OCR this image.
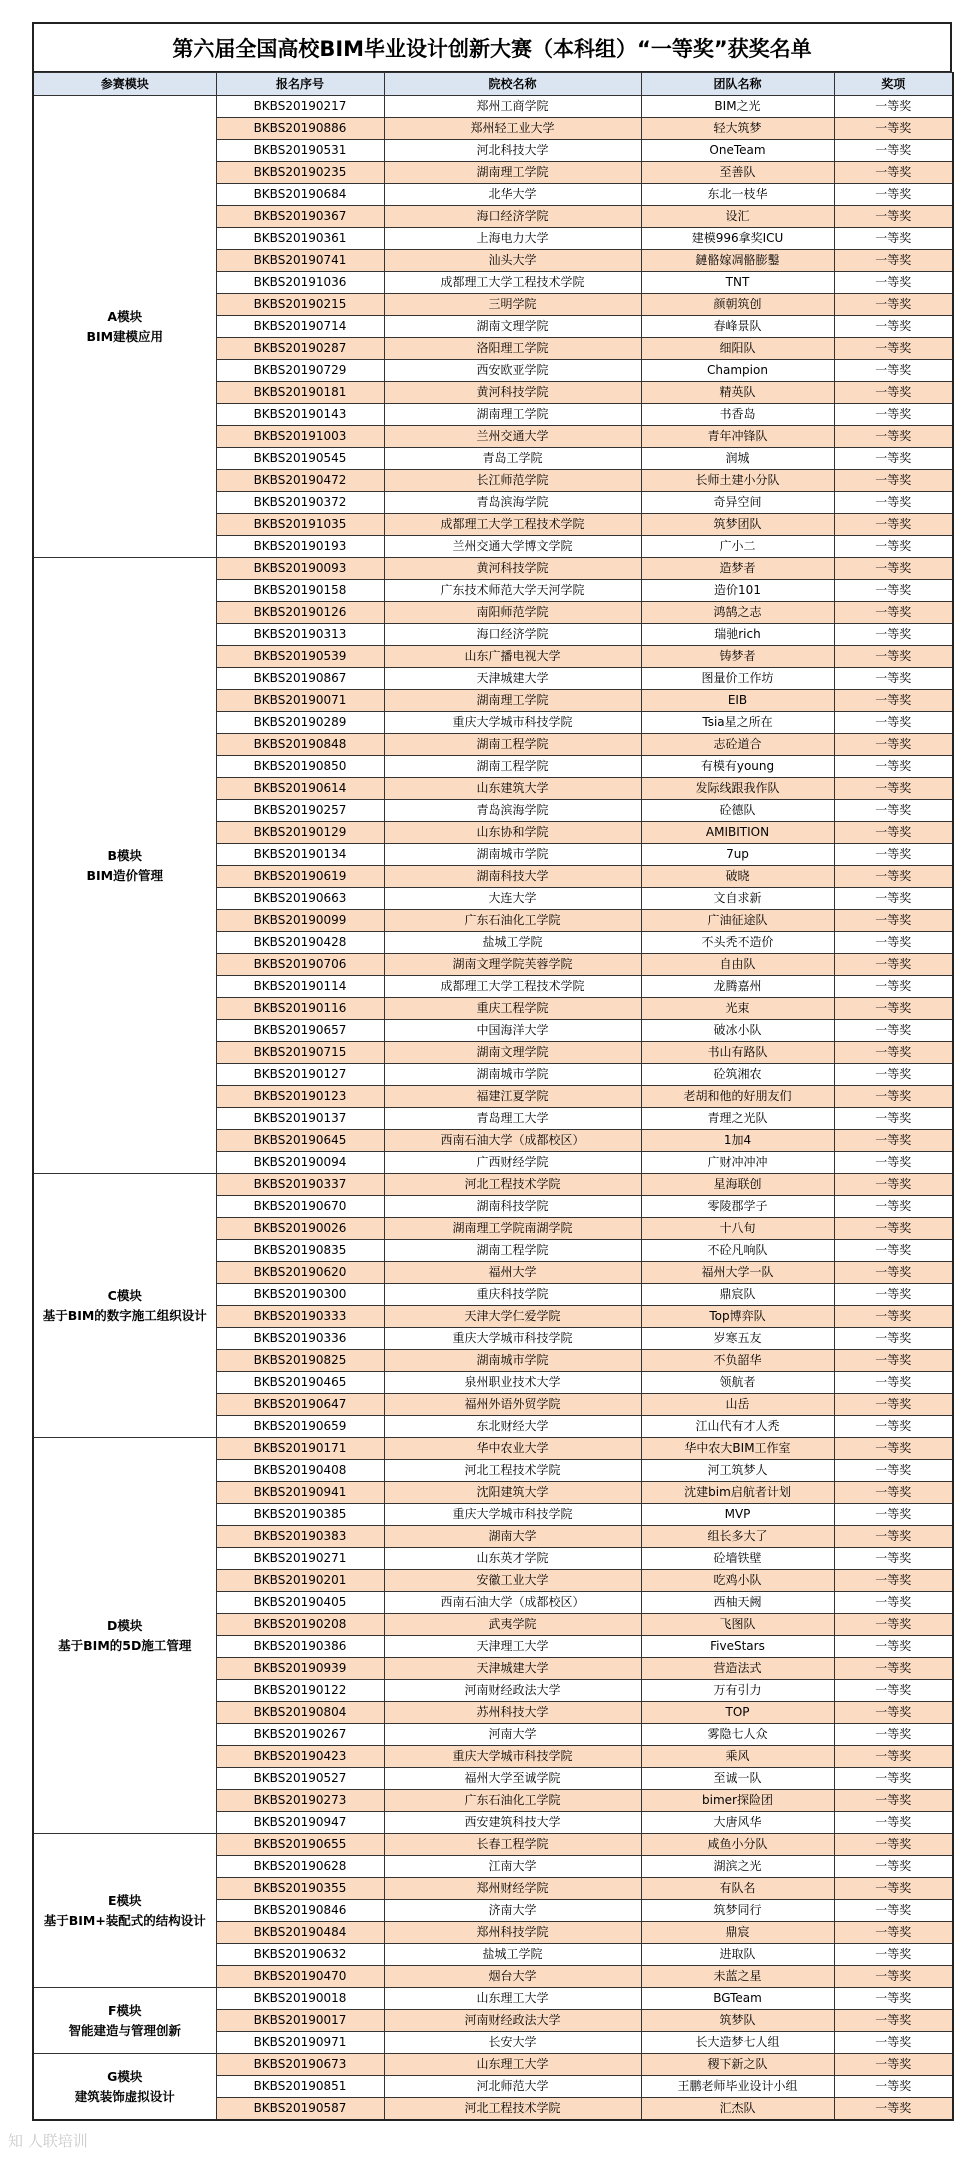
第六届全国高校BIM毕业设计创新大赛（本科组）“一等奖”获奖名单
参赛模块	报名序号	院校名称	团队名称	奖项

A模块
BIM建模应用	BKBS20190217	郑州工商学院	BIM之光	一等奖
	BKBS20190886	郑州轻工业大学	轻大筑梦	一等奖
	BKBS20190531	河北科技大学	OneTeam	一等奖
	BKBS20190235	湖南理工学院	至善队	一等奖
	BKBS20190684	北华大学	东北一枝华	一等奖
	BKBS20190367	海口经济学院	设汇	一等奖
	BKBS20190361	上海电力大学	建模996拿奖ICU	一等奖
	BKBS20190741	汕头大学	鏈骼嫁凋骼膨鑿	一等奖
	BKBS20191036	成都理工大学工程技术学院	TNT	一等奖
	BKBS20190215	三明学院	颜朝筑创	一等奖
	BKBS20190714	湖南文理学院	春峰景队	一等奖
	BKBS20190287	洛阳理工学院	细阳队	一等奖
	BKBS20190729	西安欧亚学院	Champion	一等奖
	BKBS20190181	黄河科技学院	精英队	一等奖
	BKBS20190143	湖南理工学院	书香岛	一等奖
	BKBS20191003	兰州交通大学	青年冲锋队	一等奖
	BKBS20190545	青岛工学院	润城	一等奖
	BKBS20190472	长江师范学院	长师土建小分队	一等奖
	BKBS20190372	青岛滨海学院	奇异空间	一等奖
	BKBS20191035	成都理工大学工程技术学院	筑梦团队	一等奖
	BKBS20190193	兰州交通大学博文学院	广小二	一等奖

B模块
BIM造价管理	BKBS20190093	黄河科技学院	造梦者	一等奖
	BKBS20190158	广东技术师范大学天河学院	造价101	一等奖
	BKBS20190126	南阳师范学院	鸿鹄之志	一等奖
	BKBS20190313	海口经济学院	瑞驰rich	一等奖
	BKBS20190539	山东广播电视大学	铸梦者	一等奖
	BKBS20190867	天津城建大学	图量价工作坊	一等奖
	BKBS20190071	湖南理工学院	EIB	一等奖
	BKBS20190289	重庆大学城市科技学院	Tsia星之所在	一等奖
	BKBS20190848	湖南工程学院	志砼道合	一等奖
	BKBS20190850	湖南工程学院	有模有young	一等奖
	BKBS20190614	山东建筑大学	发际线跟我作队	一等奖
	BKBS20190257	青岛滨海学院	砼德队	一等奖
	BKBS20190129	山东协和学院	AMIBITION	一等奖
	BKBS20190134	湖南城市学院	7up	一等奖
	BKBS20190619	湖南科技大学	破晓	一等奖
	BKBS20190663	大连大学	文自求新	一等奖
	BKBS20190099	广东石油化工学院	广油征途队	一等奖
	BKBS20190428	盐城工学院	不头秃不造价	一等奖
	BKBS20190706	湖南文理学院芙蓉学院	自由队	一等奖
	BKBS20190114	成都理工大学工程技术学院	龙腾嘉州	一等奖
	BKBS20190116	重庆工程学院	光束	一等奖
	BKBS20190657	中国海洋大学	破冰小队	一等奖
	BKBS20190715	湖南文理学院	书山有路队	一等奖
	BKBS20190127	湖南城市学院	砼筑湘农	一等奖
	BKBS20190123	福建江夏学院	老胡和他的好朋友们	一等奖
	BKBS20190137	青岛理工大学	青理之光队	一等奖
	BKBS20190645	西南石油大学（成都校区）	1加4	一等奖
	BKBS20190094	广西财经学院	广财冲冲冲	一等奖

C模块
基于BIM的数字施工组织设计	BKBS20190337	河北工程技术学院	星海联创	一等奖
	BKBS20190670	湖南科技学院	零陵郡学子	一等奖
	BKBS20190026	湖南理工学院南湖学院	十八旬	一等奖
	BKBS20190835	湖南工程学院	不砼凡响队	一等奖
	BKBS20190620	福州大学	福州大学一队	一等奖
	BKBS20190300	重庆科技学院	鼎宸队	一等奖
	BKBS20190333	天津大学仁爱学院	Top博弈队	一等奖
	BKBS20190336	重庆大学城市科技学院	岁寒五友	一等奖
	BKBS20190825	湖南城市学院	不负韶华	一等奖
	BKBS20190465	泉州职业技术大学	领航者	一等奖
	BKBS20190647	福州外语外贸学院	山岳	一等奖
	BKBS20190659	东北财经大学	江山代有才人秃	一等奖

D模块
基于BIM的5D施工管理	BKBS20190171	华中农业大学	华中农大BIM工作室	一等奖
	BKBS20190408	河北工程技术学院	河工筑梦人	一等奖
	BKBS20190941	沈阳建筑大学	沈建bim启航者计划	一等奖
	BKBS20190385	重庆大学城市科技学院	MVP	一等奖
	BKBS20190383	湖南大学	组长多大了	一等奖
	BKBS20190271	山东英才学院	砼墙铁壁	一等奖
	BKBS20190201	安徽工业大学	吃鸡小队	一等奖
	BKBS20190405	西南石油大学（成都校区）	西柚天阙	一等奖
	BKBS20190208	武夷学院	飞图队	一等奖
	BKBS20190386	天津理工大学	FiveStars	一等奖
	BKBS20190939	天津城建大学	营造法式	一等奖
	BKBS20190122	河南财经政法大学	万有引力	一等奖
	BKBS20190804	苏州科技大学	TOP	一等奖
	BKBS20190267	河南大学	雾隐七人众	一等奖
	BKBS20190423	重庆大学城市科技学院	乘风	一等奖
	BKBS20190527	福州大学至诚学院	至诚一队	一等奖
	BKBS20190273	广东石油化工学院	bimer探险团	一等奖
	BKBS20190947	西安建筑科技大学	大唐风华	一等奖

E模块
基于BIM+装配式的结构设计	BKBS20190655	长春工程学院	咸鱼小分队	一等奖
	BKBS20190628	江南大学	湖滨之光	一等奖
	BKBS20190355	郑州财经学院	有队名	一等奖
	BKBS20190846	济南大学	筑梦同行	一等奖
	BKBS20190484	郑州科技学院	鼎宸	一等奖
	BKBS20190632	盐城工学院	进取队	一等奖
	BKBS20190470	烟台大学	未蓝之星	一等奖

F模块
智能建造与管理创新	BKBS20190018	山东理工大学	BGTeam	一等奖
	BKBS20190017	河南财经政法大学	筑梦队	一等奖
	BKBS20190971	长安大学	长大造梦七人组	一等奖

G模块
建筑装饰虚拟设计	BKBS20190673	山东理工大学	稷下新之队	一等奖
	BKBS20190851	河北师范大学	王鹏老师毕业设计小组	一等奖
	BKBS20190587	河北工程技术学院	汇杰队	一等奖
知 人联培训
